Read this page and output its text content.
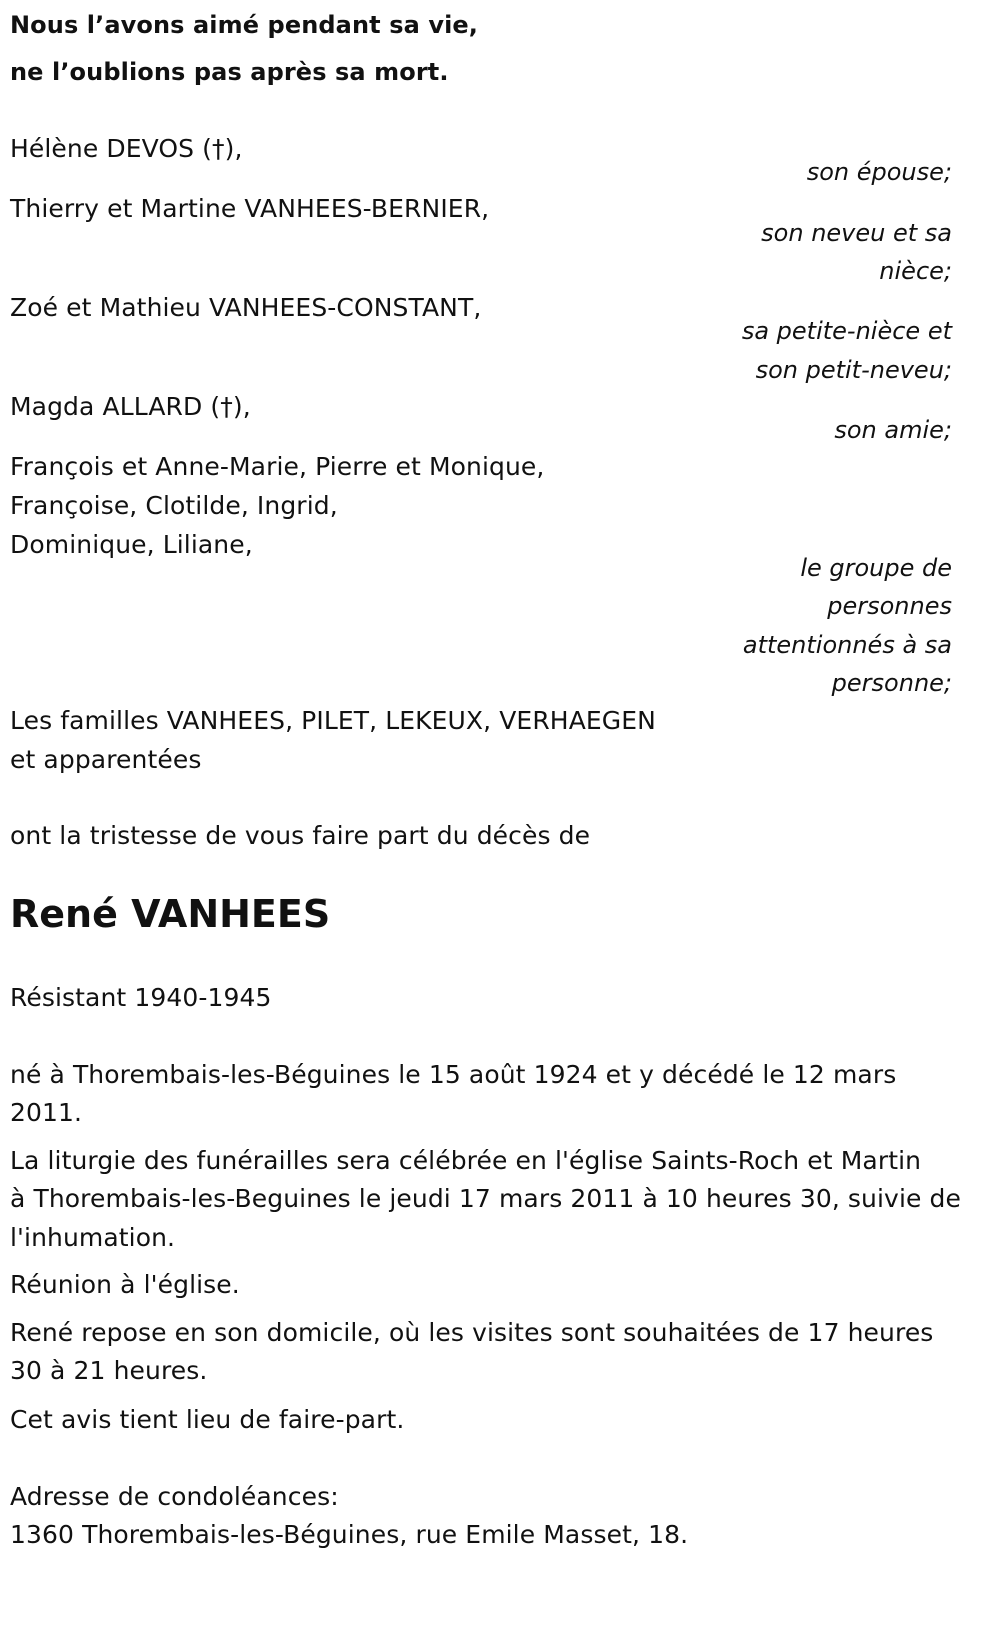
Nous l’avons aimé pendant sa vie,
ne l’oublions pas après sa mort.
Hélène DEVOS (†),
son épouse;
Thierry et Martine VANHEES-BERNIER,
son neveu et sa
nièce;
Zoé et Mathieu VANHEES-CONSTANT,
sa petite-nièce et
son petit-neveu;
Magda ALLARD (†),
son amie;
François et Anne-Marie, Pierre et Monique,
Françoise, Clotilde, Ingrid,
Dominique, Liliane,
le groupe de
personnes
attentionnés à sa
personne;
Les familles VANHEES, PILET, LEKEUX, VERHAEGEN
et apparentées
ont la tristesse de vous faire part du décès de
René VANHEES
Résistant 1940-1945
né à Thorembais-les-Béguines le 15 août 1924 et y décédé le 12 mars
2011.
La liturgie des funérailles sera célébrée en l'église Saints-Roch et Martin
à Thorembais-les-Beguines le jeudi 17 mars 2011 à 10 heures 30, suivie de
l'inhumation.
Réunion à l'église.
René repose en son domicile, où les visites sont souhaitées de 17 heures
30 à 21 heures.
Cet avis tient lieu de faire-part.
Adresse de condoléances:
1360 Thorembais-les-Béguines, rue Emile Masset, 18.
